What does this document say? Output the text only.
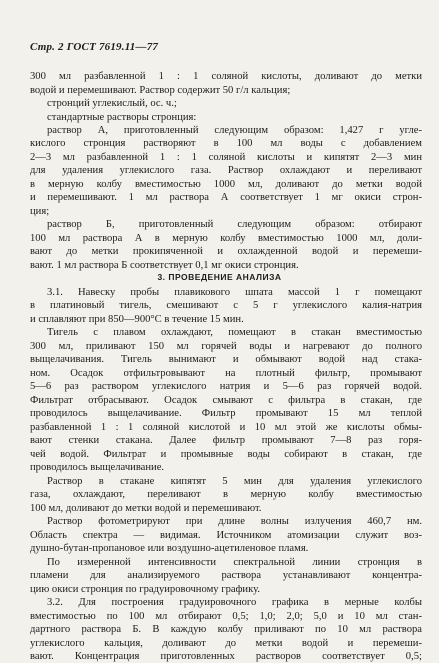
Стр. 2 ГОСТ 7619.11—77
300 мл разбавленной 1 : 1 соляной кислоты, доливают до метки
водой и перемешивают. Раствор содержит 50 г/л кальция;
стронций углекислый, ос. ч.;
стандартные растворы стронция:
раствор А, приготовленный следующим образом: 1,427 г угле-
кислого стронция растворяют в 100 мл воды с добавлением
2—3 мл разбавленной 1 : 1 соляной кислоты и кипятят 2—3 мин
для удаления углекислого газа. Раствор охлаждают и переливают
в мерную колбу вместимостью 1000 мл, доливают до метки водой
и перемешивают. 1 мл раствора А соответствует 1 мг окиси строн-
ция;
раствор Б, приготовленный следующим образом: отбирают
100 мл раствора А в мерную колбу вместимостью 1000 мл, доли-
вают до метки прокипяченной и охлажденной водой и перемеши-
вают. 1 мл раствора Б соответствует 0,1 мг окиси стронция.
3. ПРОВЕДЕНИЕ АНАЛИЗА
3.1. Навеску пробы плавикового шпата массой 1 г помещают
в платиновый тигель, смешивают с 5 г углекислого калия-натрия
и сплавляют при 850—900°С в течение 15 мин.
Тигель с плавом охлаждают, помещают в стакан вместимостью
300 мл, приливают 150 мл горячей воды и нагревают до полного
выщелачивания. Тигель вынимают и обмывают водой над стака-
ном. Осадок отфильтровывают на плотный фильтр, промывают
5—6 раз раствором углекислого натрия и 5—6 раз горячей водой.
Фильтрат отбрасывают. Осадок смывают с фильтра в стакан, где
проводилось выщелачивание. Фильтр промывают 15 мл теплой
разбавленной 1 : 1 соляной кислотой и 10 мл этой же кислоты обмы-
вают стенки стакана. Далее фильтр промывают 7—8 раз горя-
чей водой. Фильтрат и промывные воды собирают в стакан, где
проводилось выщелачивание.
Раствор в стакане кипятят 5 мин для удаления углекислого
газа, охлаждают, переливают в мерную колбу вместимостью
100 мл, доливают до метки водой и перемешивают.
Раствор фотометрируют при длине волны излучения 460,7 нм.
Область спектра — видимая. Источником атомизации служит воз-
душно-бутан-пропановое или воздушно-ацетиленовое пламя.
По измеренной интенсивности спектральной линии стронция в
пламени для анализируемого раствора устанавливают концентра-
цию окиси стронция по градуировочному графику.
3.2. Для построения градуировочного графика в мерные колбы
вместимостью по 100 мл отбирают 0,5; 1,0; 2,0; 5,0 и 10 мл стан-
дартного раствора Б. В каждую колбу приливают по 10 мл раствора
углекислого кальция, доливают до метки водой и перемеши-
вают. Концентрация приготовленных растворов соответствует 0,5;
